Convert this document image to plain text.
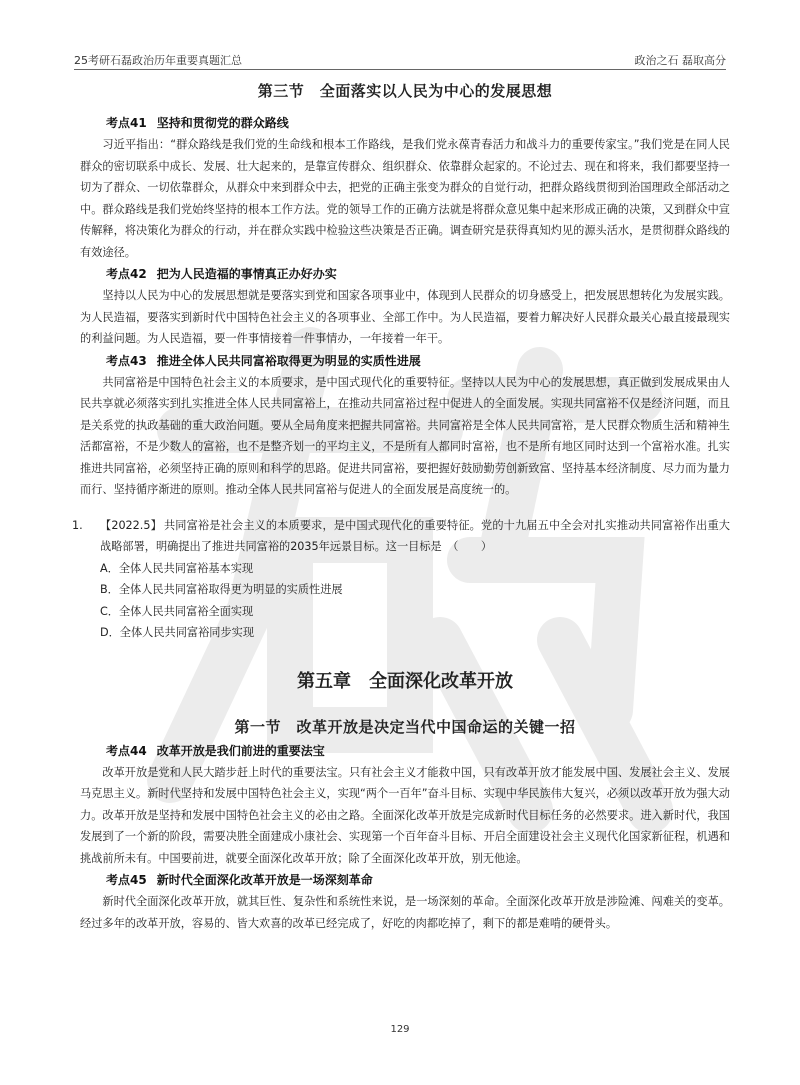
25考研石磊政治历年重要真题汇总	政治之石 磊取高分
第三节　全面落实以人民为中心的发展思想
考点41 坚持和贯彻党的群众路线

习近平指出：“群众路线是我们党的生命线和根本工作路线，是我们党永葆青春活力和战斗力的重要传家宝。”我们党是在同人民群众的密切联系中成长、发展、壮大起来的，是靠宣传群众、组织群众、依靠群众起家的。不论过去、现在和将来，我们都要坚持一切为了群众、一切依靠群众，从群众中来到群众中去，把党的正确主张变为群众的自觉行动，把群众路线贯彻到治国理政全部活动之中。群众路线是我们党始终坚持的根本工作方法。党的领导工作的正确方法就是将群众意见集中起来形成正确的决策，又到群众中宣传解释，将决策化为群众的行动，并在群众实践中检验这些决策是否正确。调查研究是获得真知灼见的源头活水，是贯彻群众路线的有效途径。

考点42 把为人民造福的事情真正办好办实

坚持以人民为中心的发展思想就是要落实到党和国家各项事业中，体现到人民群众的切身感受上，把发展思想转化为发展实践。为人民造福，要落实到新时代中国特色社会主义的各项事业、全部工作中。为人民造福，要着力解决好人民群众最关心最直接最现实的利益问题。为人民造福，要一件事情接着一件事情办，一年接着一年干。

考点43 推进全体人民共同富裕取得更为明显的实质性进展

共同富裕是中国特色社会主义的本质要求，是中国式现代化的重要特征。坚持以人民为中心的发展思想，真正做到发展成果由人民共享就必须落实到扎实推进全体人民共同富裕上，在推动共同富裕过程中促进人的全面发展。实现共同富裕不仅是经济问题，而且是关系党的执政基础的重大政治问题。要从全局角度来把握共同富裕。共同富裕是全体人民共同富裕，是人民群众物质生活和精神生活都富裕，不是少数人的富裕，也不是整齐划一的平均主义，不是所有人都同时富裕，也不是所有地区同时达到一个富裕水准。扎实推进共同富裕，必须坚持正确的原则和科学的思路。促进共同富裕，要把握好鼓励勤劳创新致富、坚持基本经济制度、尽力而为量力而行、坚持循序渐进的原则。推动全体人民共同富裕与促进人的全面发展是高度统一的。

1. 【2022.5】 共同富裕是社会主义的本质要求，是中国式现代化的重要特征。党的十九届五中全会对扎实推动共同富裕作出重大战略部署，明确提出了推进共同富裕的2035年远景目标。这一目标是　（　　）
A．全体人民共同富裕基本实现
B．全体人民共同富裕取得更为明显的实质性进展
C．全体人民共同富裕全面实现
D．全体人民共同富裕同步实现
第五章　全面深化改革开放
第一节　改革开放是决定当代中国命运的关键一招
考点44 改革开放是我们前进的重要法宝

改革开放是党和人民大踏步赶上时代的重要法宝。只有社会主义才能救中国，只有改革开放才能发展中国、发展社会主义、发展马克思主义。新时代坚持和发展中国特色社会主义，实现“两个一百年”奋斗目标、实现中华民族伟大复兴，必须以改革开放为强大动力。改革开放是坚持和发展中国特色社会主义的必由之路。全面深化改革开放是完成新时代目标任务的必然要求。进入新时代，我国发展到了一个新的阶段，需要决胜全面建成小康社会、实现第一个百年奋斗目标、开启全面建设社会主义现代化国家新征程，机遇和挑战前所未有。中国要前进，就要全面深化改革开放；除了全面深化改革开放，别无他途。

考点45 新时代全面深化改革开放是一场深刻革命

新时代全面深化改革开放，就其巨性、复杂性和系统性来说，是一场深刻的革命。全面深化改革开放是涉险滩、闯难关的变革。经过多年的改革开放，容易的、皆大欢喜的改革已经完成了，好吃的肉都吃掉了，剩下的都是难啃的硬骨头。

129
